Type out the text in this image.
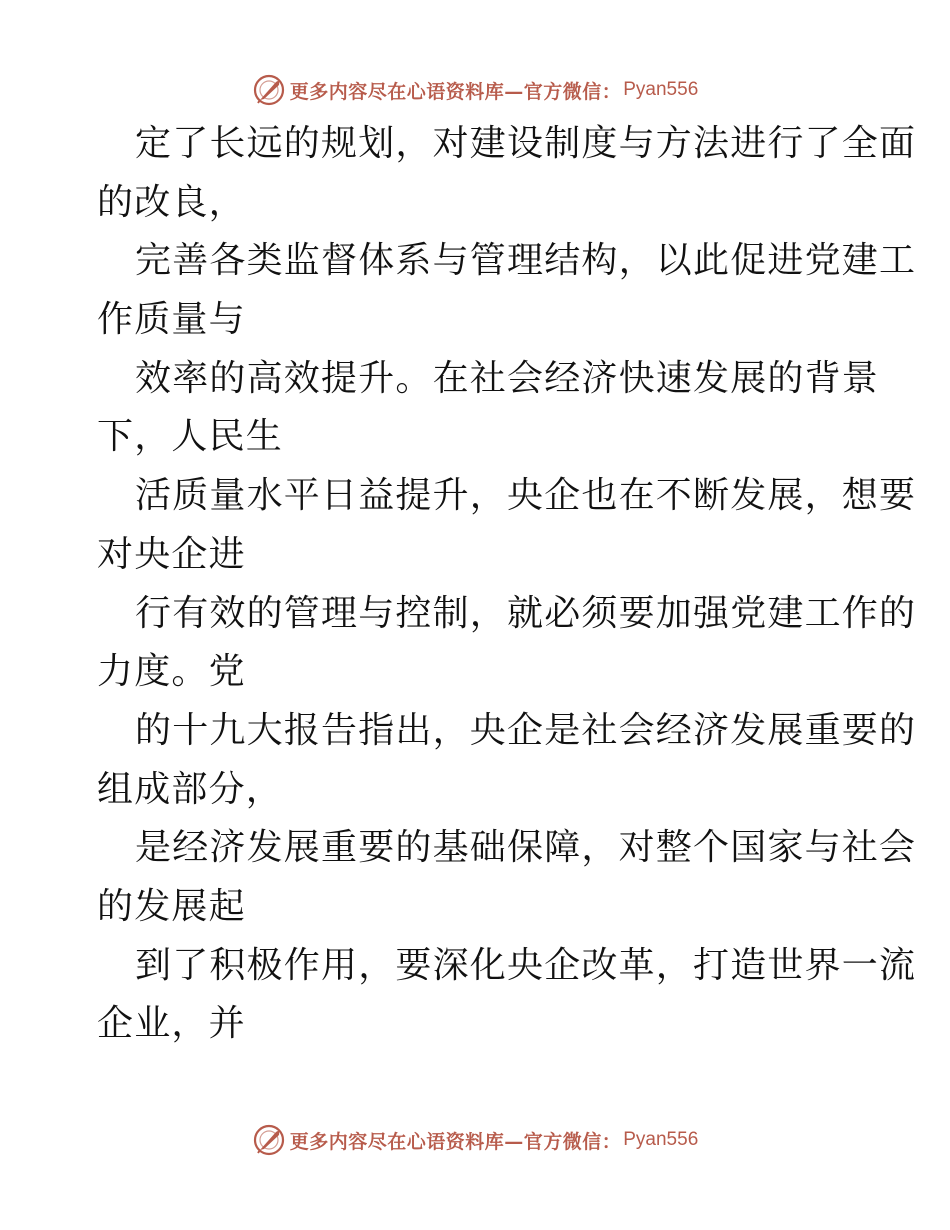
更多内容尽在心语资料库—官方微信： Pyan556
定了长远的规划，对建设制度与方法进行了全面
的改良，
完善各类监督体系与管理结构，以此促进党建工
作质量与
效率的高效提升。在社会经济快速发展的背景
下，人民生
活质量水平日益提升，央企也在不断发展，想要
对央企进
行有效的管理与控制，就必须要加强党建工作的
力度。党
的十九大报告指出，央企是社会经济发展重要的
组成部分，
是经济发展重要的基础保障，对整个国家与社会
的发展起
到了积极作用，要深化央企改革，打造世界一流
企业，并
更多内容尽在心语资料库—官方微信： Pyan556
